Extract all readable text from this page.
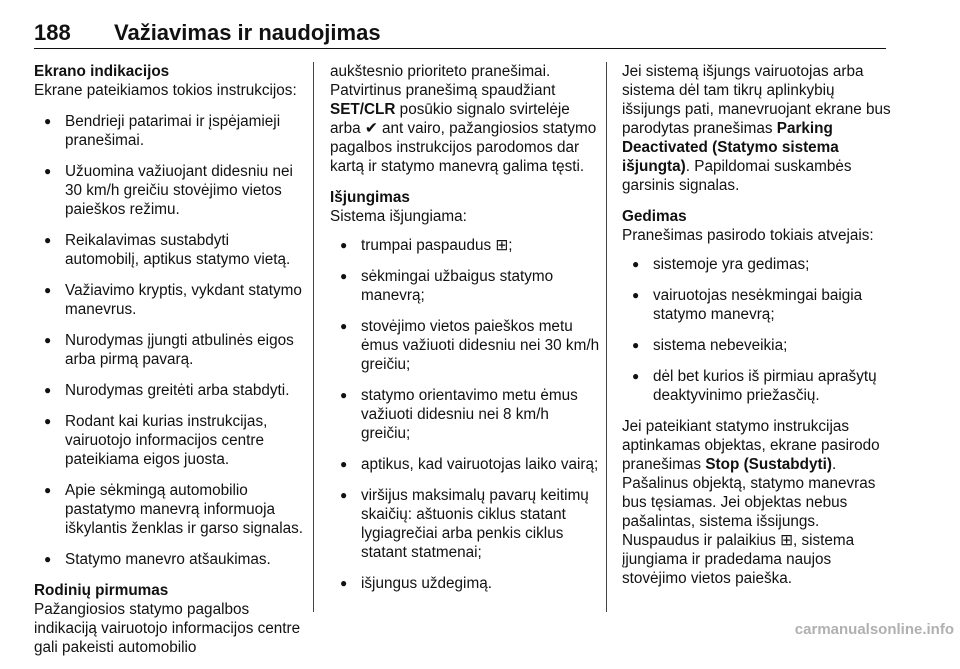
188 Važiavimas ir naudojimas
Ekrano indikacijos

Ekrane pateikiamos tokios instrukcijos:

● Bendrieji patarimai ir įspėjamieji pranešimai.
● Užuomina važiuojant didesniu nei 30 km/h greičiu stovėjimo vietos paieškos režimu.
● Reikalavimas sustabdyti automobilį, aptikus statymo vietą.
● Važiavimo kryptis, vykdant statymo manevrus.
● Nurodymas įjungti atbulinės eigos arba pirmą pavarą.
● Nurodymas greitėti arba stabdyti.
● Rodant kai kurias instrukcijas, vairuotojo informacijos centre pateikiama eigos juosta.
● Apie sėkmingą automobilio pastatymo manevrą informuoja iškylantis ženklas ir garso signalas.
● Statymo manevro atšaukimas.
Rodinių pirmumas

Pažangiosios statymo pagalbos indikaciją vairuotojo informacijos centre gali pakeisti automobilio

aukštesnio prioriteto pranešimai. Patvirtinus pranešimą spaudžiant
SET/CLR posūkio signalo svirtelėje arba ✔ ant vairo, pažangiosios statymo pagalbos instrukcijos parodomos dar kartą ir statymo manevrą galima tęsti.

Išjungimas

Sistema išjungiama:

● trumpai paspaudus ⊞;
● sėkmingai užbaigus statymo manevrą;
● stovėjimo vietos paieškos metu ėmus važiuoti didesniu nei 30 km/h greičiu;
● statymo orientavimo metu ėmus važiuoti didesniu nei 8 km/h greičiu;
● aptikus, kad vairuotojas laiko vairą;
● viršijus maksimalų pavarų keitimų skaičių: aštuonis ciklus statant lygiagrečiai arba penkis ciklus statant statmenai;
● išjungus uždegimą.

Jei sistemą išjungs vairuotojas arba sistema dėl tam tikrų aplinkybių išsijungs pati, manevruojant ekrane bus parodytas pranešimas Parking Deactivated (Statymo sistema išjungta). Papildomai suskambės garsinis signalas.

Gedimas

Pranešimas pasirodo tokiais atvejais:

● sistemoje yra gedimas;
● vairuotojas nesėkmingai baigia statymo manevrą;
● sistema nebeveikia;
● dėl bet kurios iš pirmiau aprašytų deaktyvinimo priežasčių.

Jei pateikiant statymo instrukcijas aptinkamas objektas, ekrane pasirodo pranešimas Stop (Sustabdyti). Pašalinus objektą, statymo manevras bus tęsiamas. Jei objektas nebus pašalintas, sistema išsijungs. Nuspaudus ir palaikius ⊞, sistema įjungiama ir pradedama naujos stovėjimo vietos paieška.

carmanualsonline.info
